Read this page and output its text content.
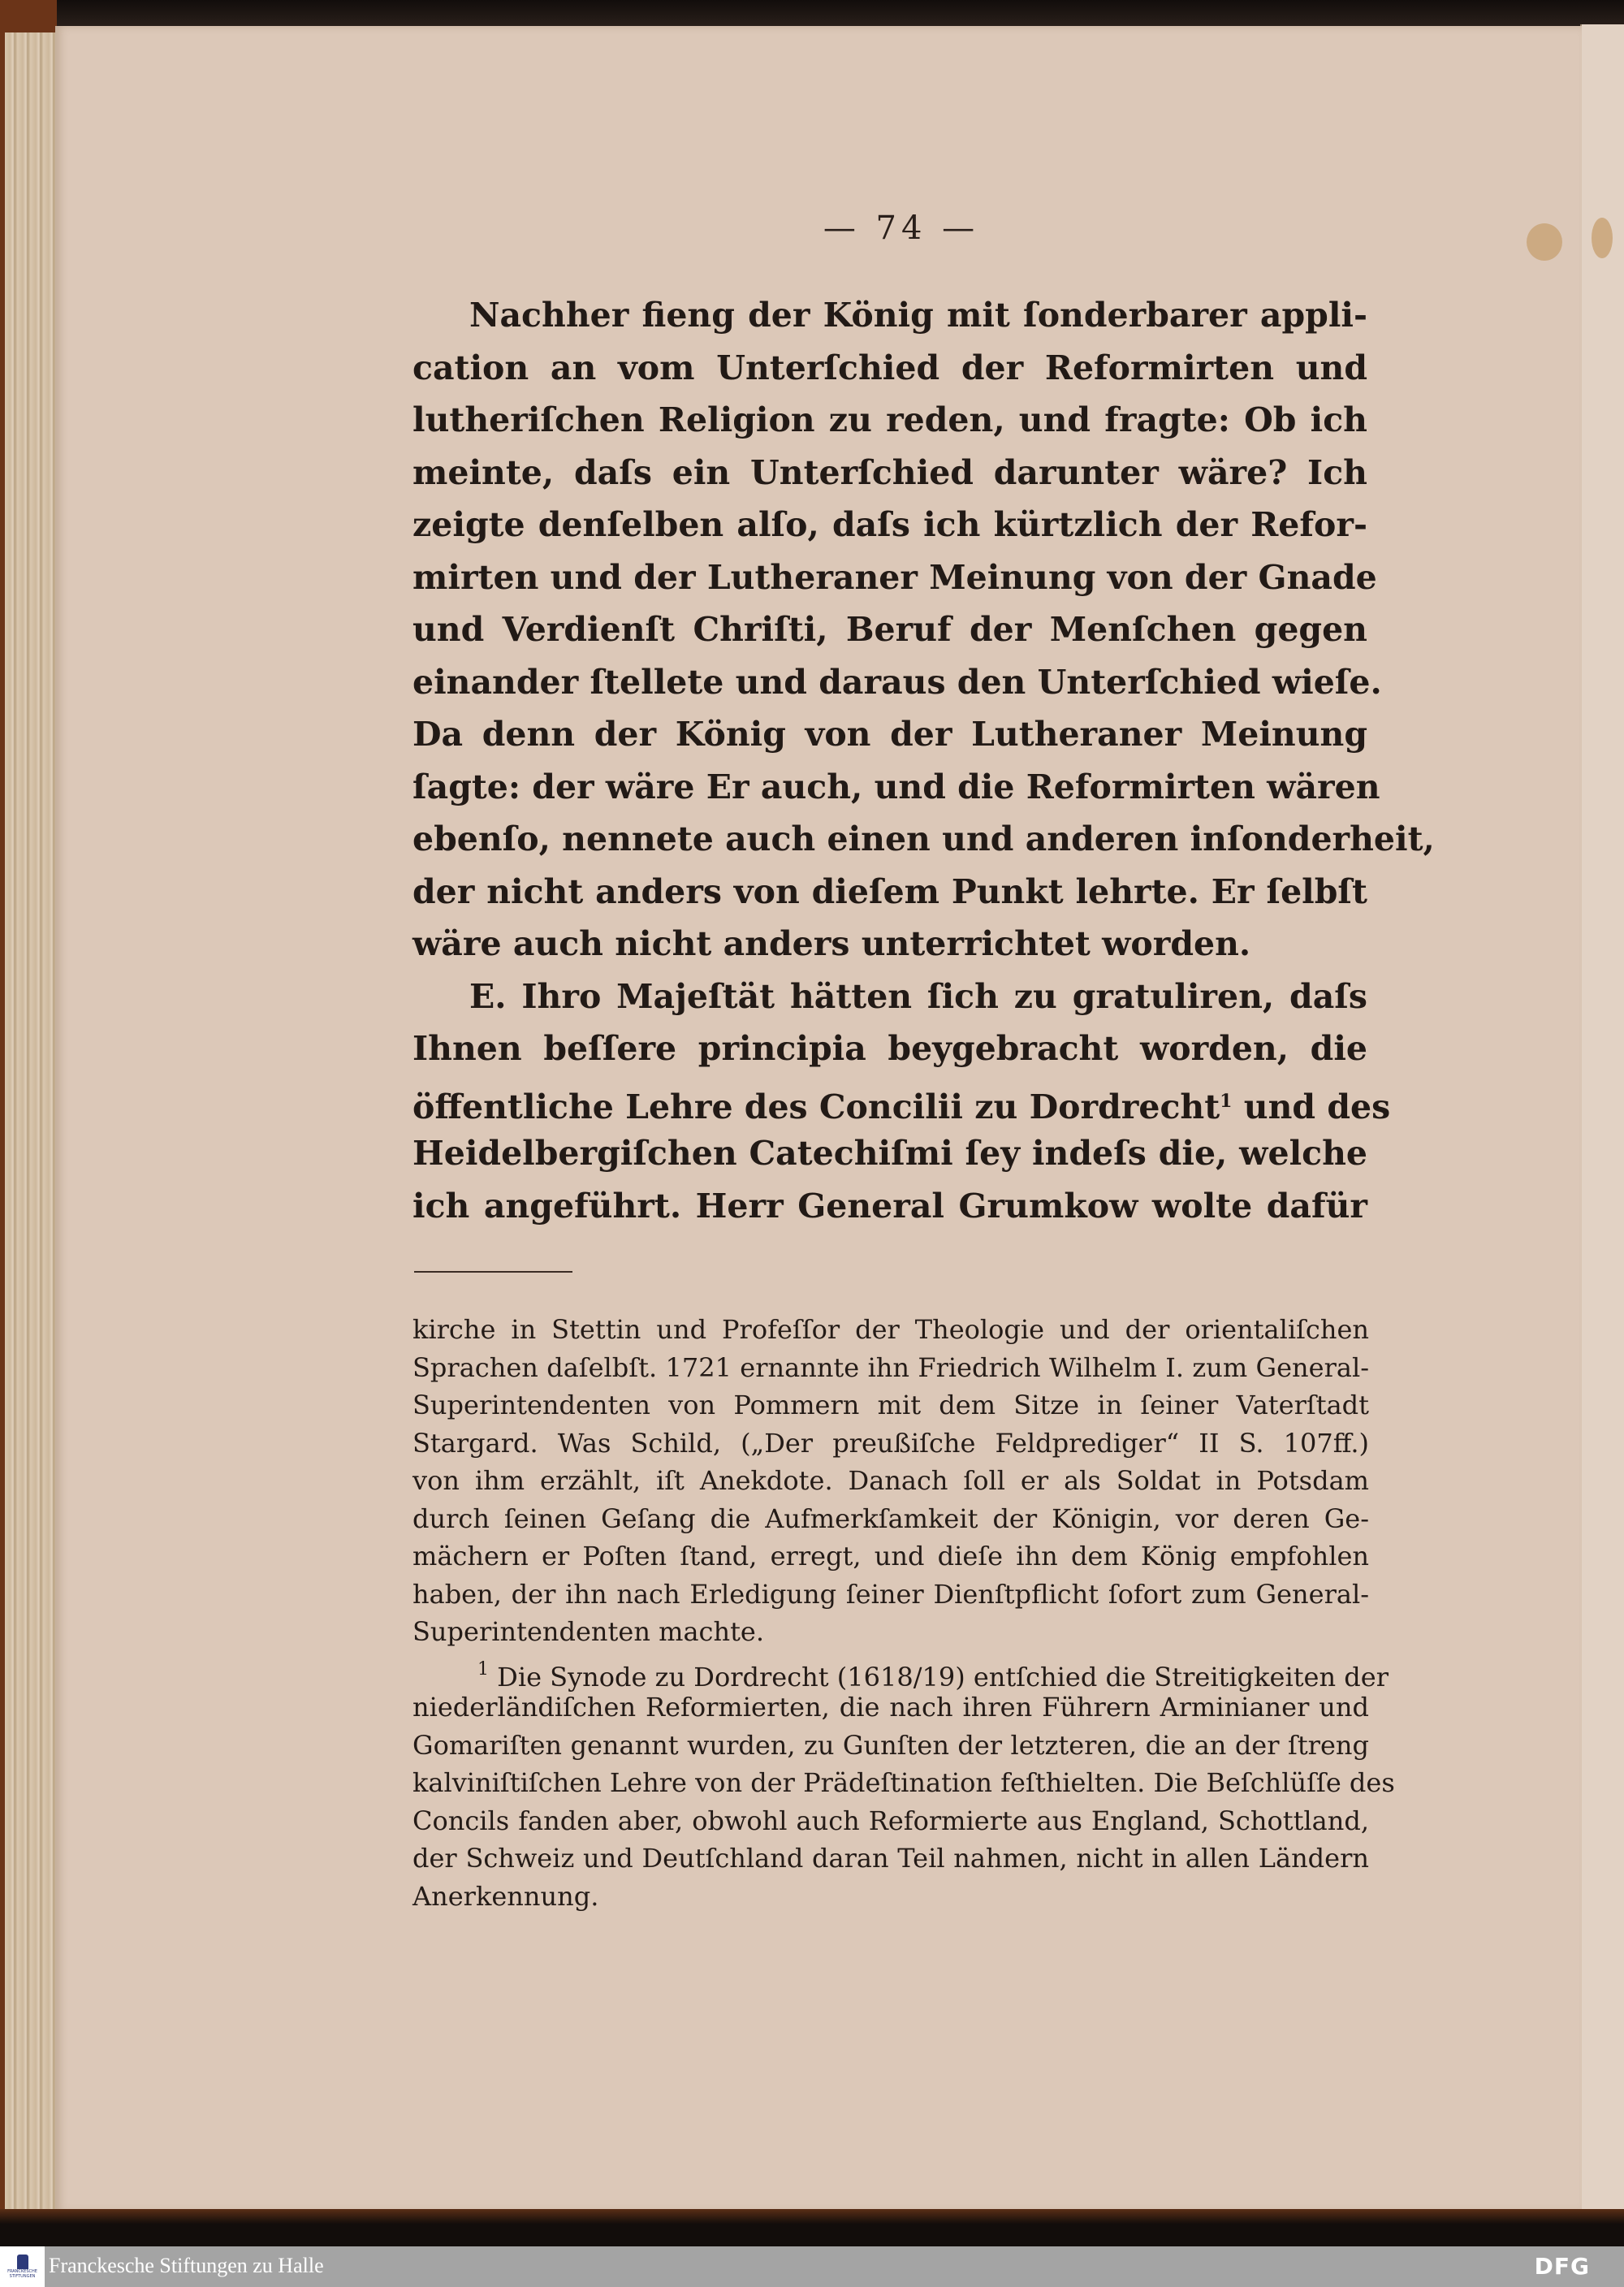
— 74 —
Nachher fieng der König mit ſonderbarer appli-
cation an vom Unterſchied der Reformirten und
lutheriſchen Religion zu reden, und fragte: Ob ich
meinte, daſs ein Unterſchied darunter wäre? Ich
zeigte denſelben alſo, daſs ich kürtzlich der Refor-
mirten und der Lutheraner Meinung von der Gnade
und Verdienſt Chriſti, Beruf der Menſchen gegen
einander ſtellete und daraus den Unterſchied wieſe.
Da denn der König von der Lutheraner Meinung
ſagte: der wäre Er auch, und die Reformirten wären
ebenſo, nennete auch einen und anderen inſonderheit,
der nicht anders von dieſem Punkt lehrte. Er ſelbſt
wäre auch nicht anders unterrichtet worden.
E. Ihro Majeſtät hätten ſich zu gratuliren, daſs
Ihnen beſſere principia beygebracht worden, die
öffentliche Lehre des Concilii zu Dordrecht$^1$ und des
Heidelbergiſchen Catechiſmi ſey indeſs die, welche
ich angeführt. Herr General Grumkow wolte dafür
kirche in Stettin und Profeſſor der Theologie und der orientaliſchen
Sprachen daſelbſt. 1721 ernannte ihn Friedrich Wilhelm I. zum General-
Superintendenten von Pommern mit dem Sitze in ſeiner Vaterſtadt
Stargard. Was Schild, („Der preußiſche Feldprediger“ II S. 107ff.)
von ihm erzählt, iſt Anekdote. Danach ſoll er als Soldat in Potsdam
durch ſeinen Geſang die Aufmerkſamkeit der Königin, vor deren Ge-
mächern er Poſten ſtand, erregt, und dieſe ihn dem König empfohlen
haben, der ihn nach Erledigung ſeiner Dienſtpflicht ſofort zum General-
Superintendenten machte.
$^1$ Die Synode zu Dordrecht (1618/19) entſchied die Streitigkeiten der
niederländiſchen Reformierten, die nach ihren Führern Arminianer und
Gomariſten genannt wurden, zu Gunſten der letzteren, die an der ſtreng
kalviniſtiſchen Lehre von der Prädeſtination feſthielten. Die Beſchlüſſe des
Concils fanden aber, obwohl auch Reformierte aus England, Schottland,
der Schweiz und Deutſchland daran Teil nahmen, nicht in allen Ländern
Anerkennung.
FRANCKESCHE STIFTUNGEN Franckesche Stiftungen zu Halle	DFG
